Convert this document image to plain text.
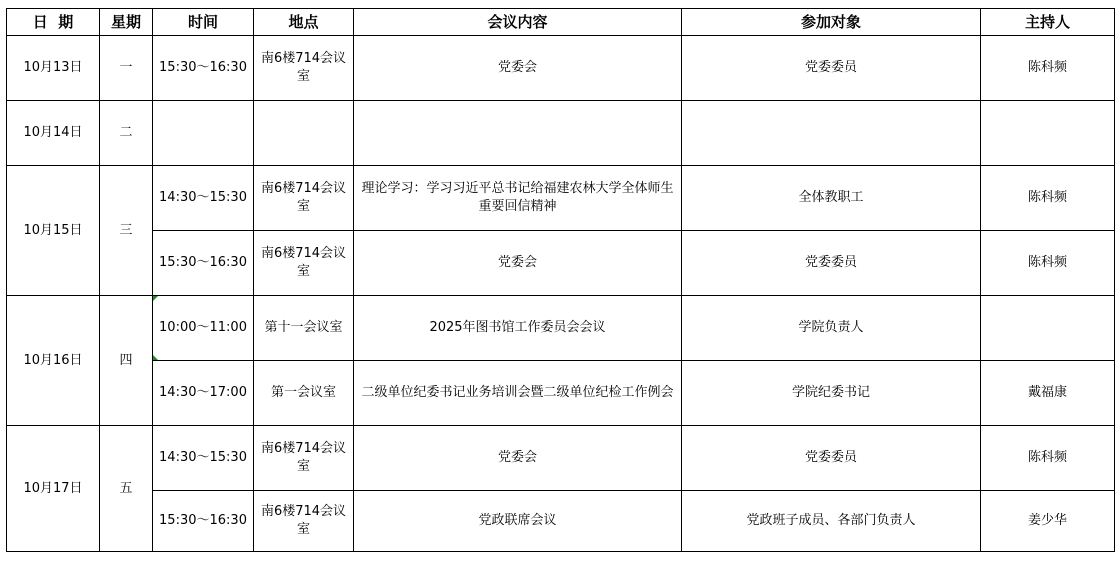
日  期	星期	时间	地点	会议内容	参加对象	主持人
10月13日	一	15:30～16:30	南6楼714会议室	党委会	党委委员	陈科频
10月14日	二					
10月15日	三	14:30～15:30	南6楼714会议室	理论学习：学习习近平总书记给福建农林大学全体师生重要回信精神	全体教职工	陈科频
		15:30～16:30	南6楼714会议室	党委会	党委委员	陈科频
10月16日	四	10:00～11:00	第十一会议室	2025年图书馆工作委员会会议	学院负责人	
		14:30～17:00	第一会议室	二级单位纪委书记业务培训会暨二级单位纪检工作例会	学院纪委书记	戴福康
10月17日	五	14:30～15:30	南6楼714会议室	党委会	党委委员	陈科频
		15:30～16:30	南6楼714会议室	党政联席会议	党政班子成员、各部门负责人	姜少华
